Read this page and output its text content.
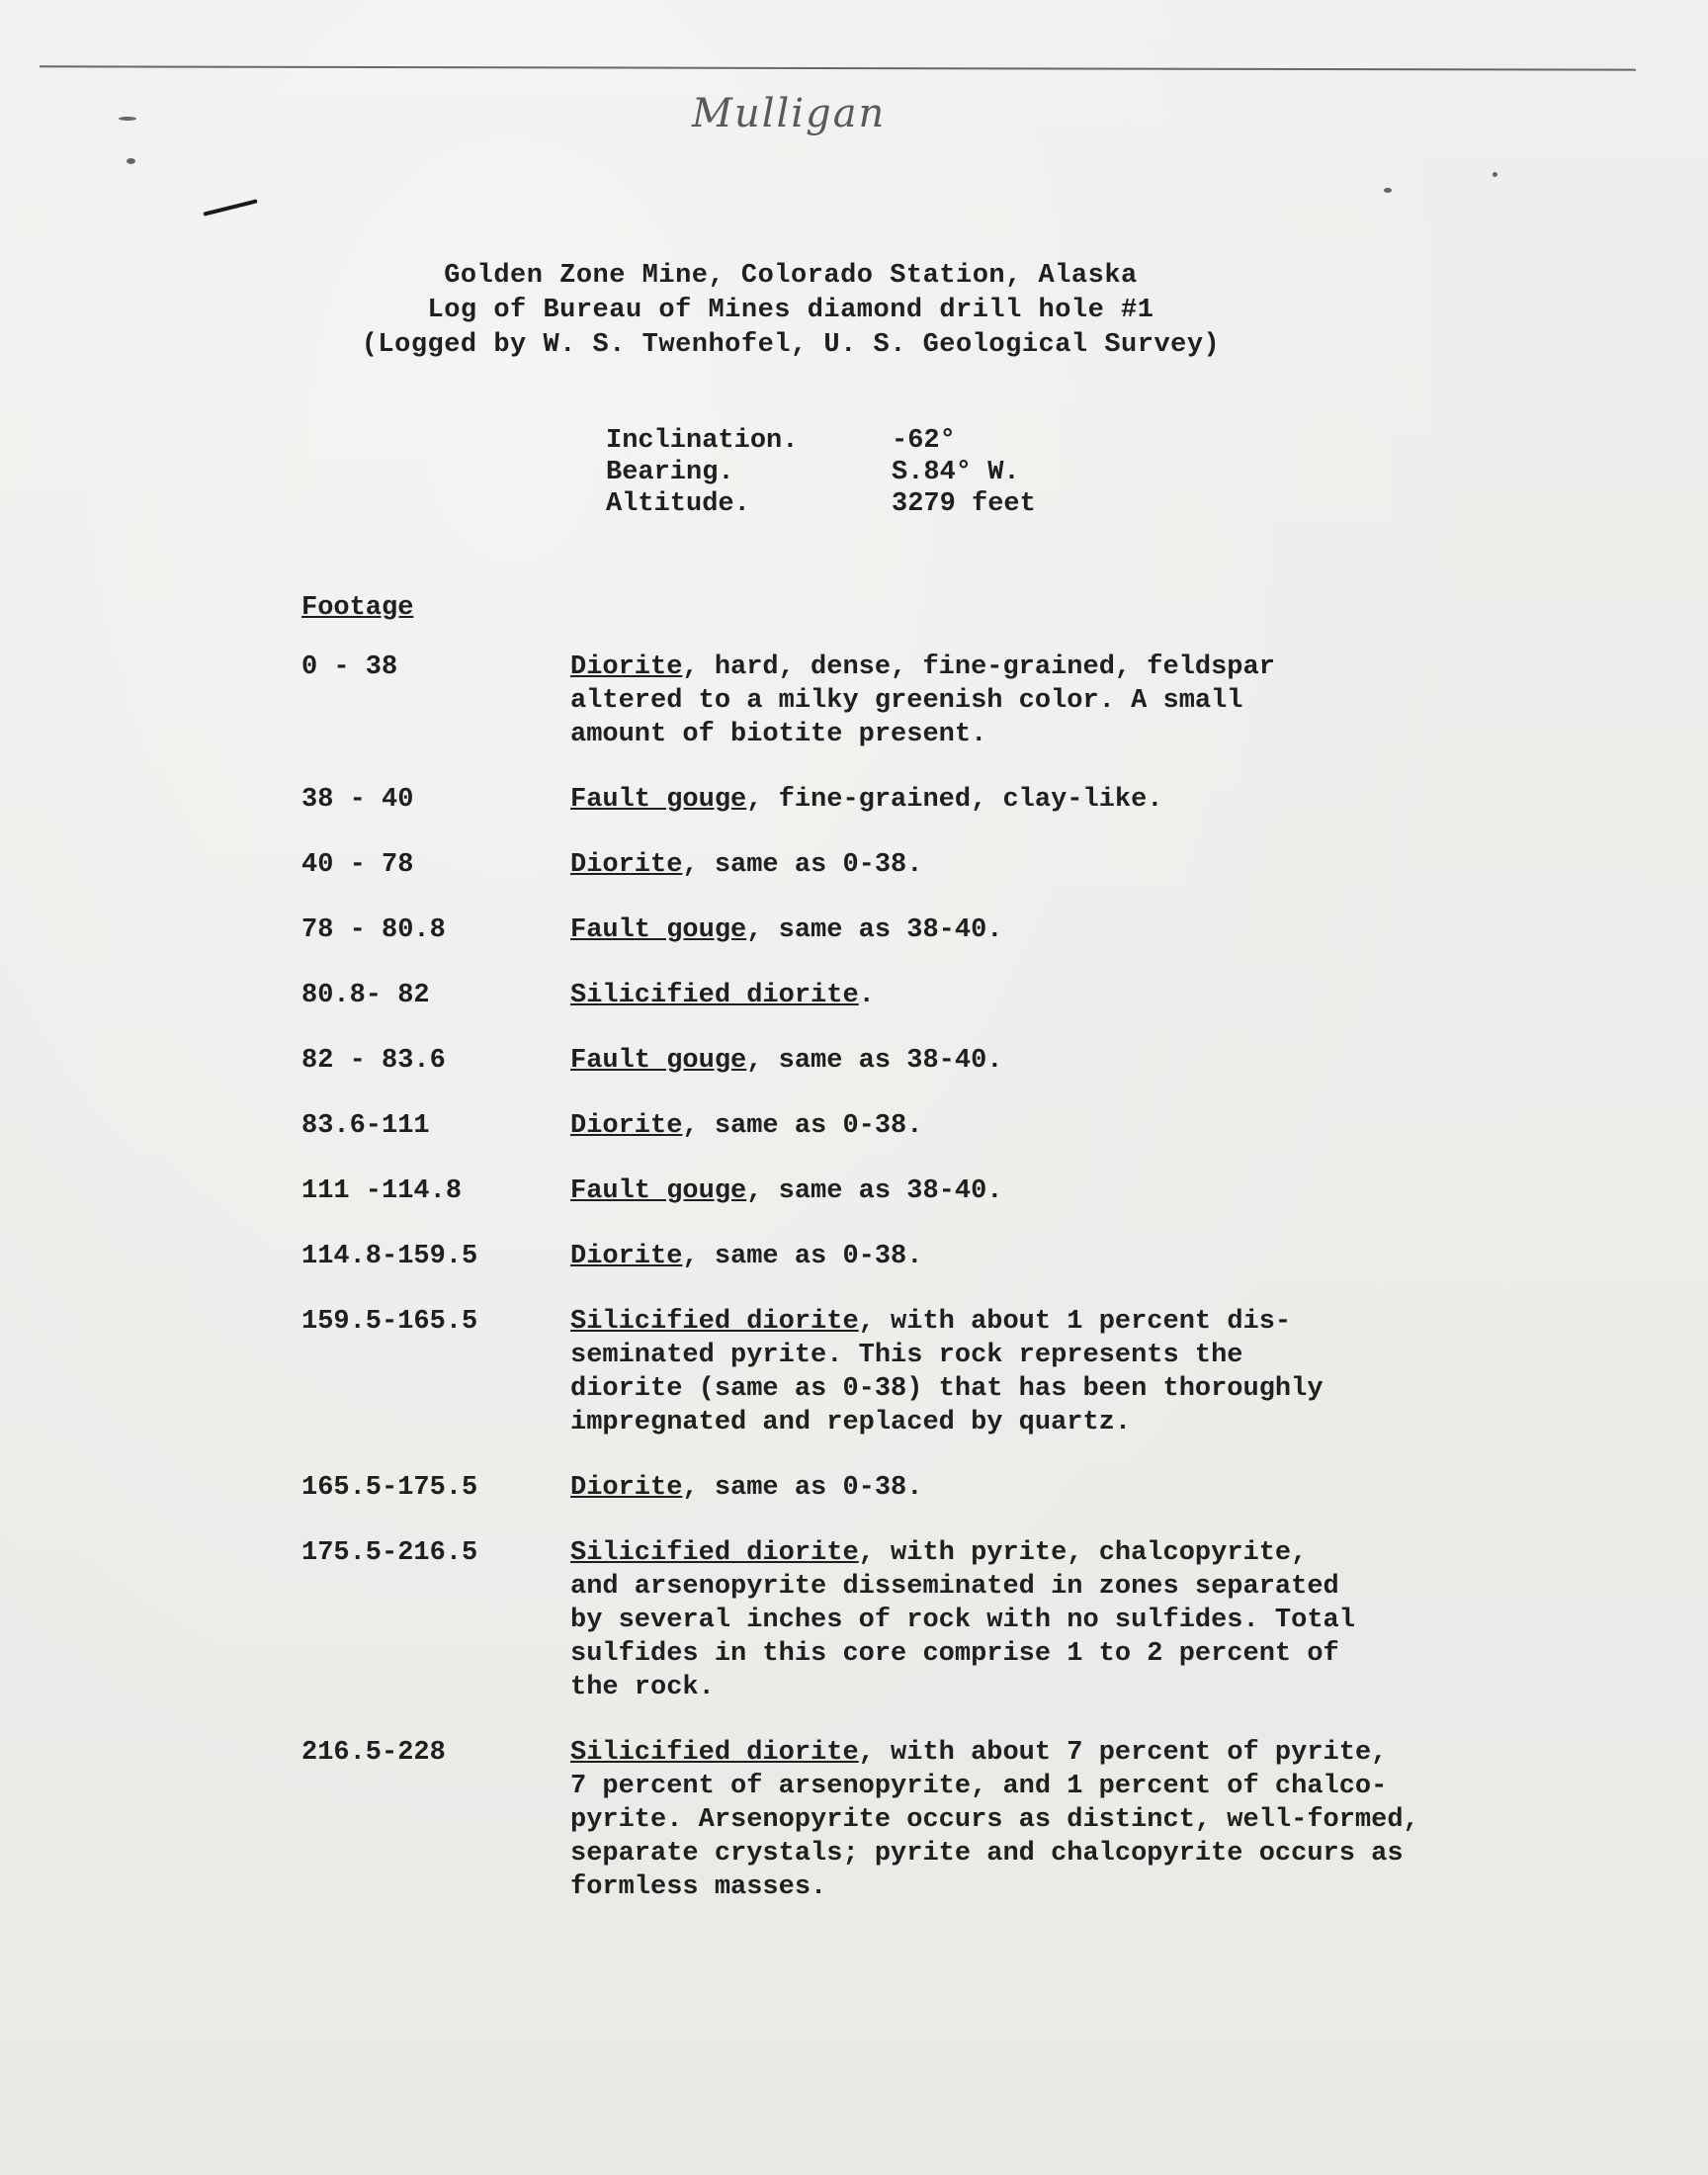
Mulligan
Golden Zone Mine, Colorado Station, Alaska
Log of Bureau of Mines diamond drill hole #1
(Logged by W. S. Twenhofel, U. S. Geological Survey)
Inclination.	-62°
Bearing.	S.84° W.
Altitude.	3279 feet
Footage
0 - 38	Diorite, hard, dense, fine-grained, feldspar
altered to a milky greenish color. A small
amount of biotite present.
38 - 40	Fault gouge, fine-grained, clay-like.
40 - 78	Diorite, same as 0-38.
78 - 80.8	Fault gouge, same as 38-40.
80.8- 82	Silicified diorite.
82 - 83.6	Fault gouge, same as 38-40.
83.6-111	Diorite, same as 0-38.
111 -114.8	Fault gouge, same as 38-40.
114.8-159.5	Diorite, same as 0-38.
159.5-165.5	Silicified diorite, with about 1 percent dis-
seminated pyrite. This rock represents the
diorite (same as 0-38) that has been thoroughly
impregnated and replaced by quartz.
165.5-175.5	Diorite, same as 0-38.
175.5-216.5	Silicified diorite, with pyrite, chalcopyrite,
and arsenopyrite disseminated in zones separated
by several inches of rock with no sulfides. Total
sulfides in this core comprise 1 to 2 percent of
the rock.
216.5-228	Silicified diorite, with about 7 percent of pyrite,
7 percent of arsenopyrite, and 1 percent of chalco-
pyrite. Arsenopyrite occurs as distinct, well-formed,
separate crystals; pyrite and chalcopyrite occurs as
formless masses.
